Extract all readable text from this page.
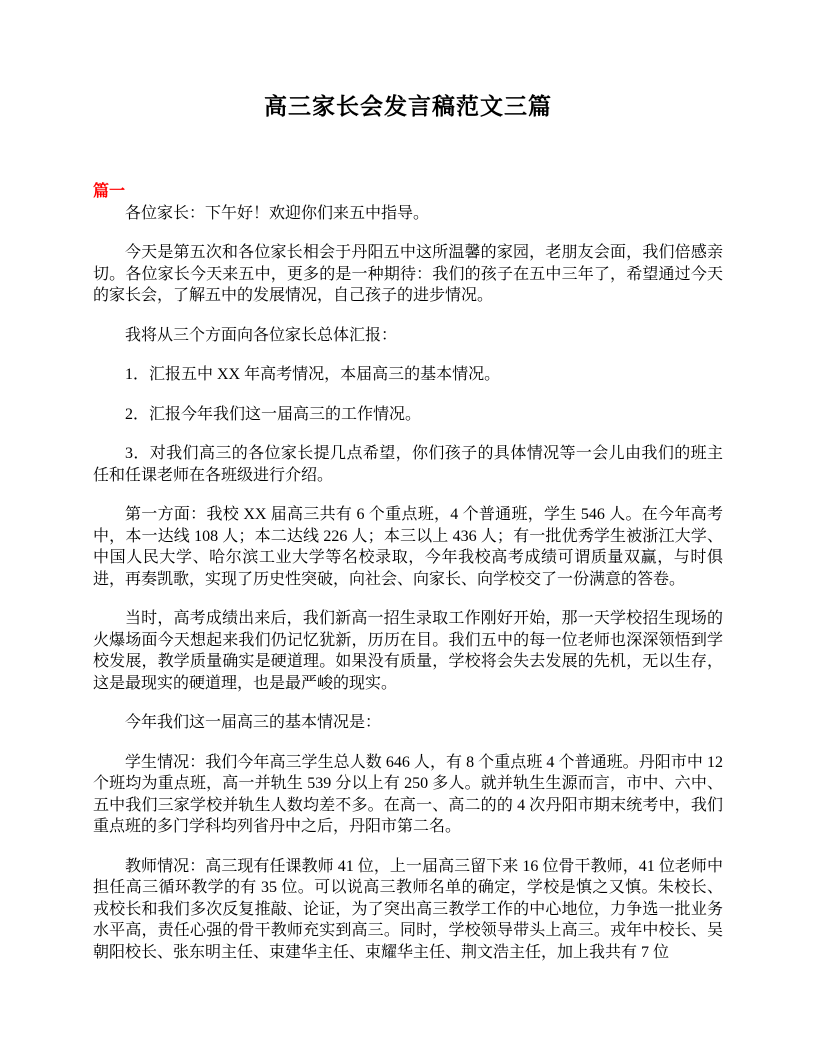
高三家长会发言稿范文三篇
篇一

各位家长：下午好！欢迎你们来五中指导。

今天是第五次和各位家长相会于丹阳五中这所温馨的家园，老朋友会面，我们倍感亲切。各位家长今天来五中，更多的是一种期待：我们的孩子在五中三年了，希望通过今天的家长会，了解五中的发展情况，自己孩子的进步情况。

我将从三个方面向各位家长总体汇报：

1．汇报五中 XX 年高考情况，本届高三的基本情况。

2．汇报今年我们这一届高三的工作情况。

3．对我们高三的各位家长提几点希望，你们孩子的具体情况等一会儿由我们的班主任和任课老师在各班级进行介绍。

第一方面：我校 XX 届高三共有 6 个重点班，4 个普通班，学生 546 人。在今年高考中，本一达线 108 人；本二达线 226 人；本三以上 436 人；有一批优秀学生被浙江大学、中国人民大学、哈尔滨工业大学等名校录取，今年我校高考成绩可谓质量双赢，与时俱进，再奏凯歌，实现了历史性突破，向社会、向家长、向学校交了一份满意的答卷。

当时，高考成绩出来后，我们新高一招生录取工作刚好开始，那一天学校招生现场的火爆场面今天想起来我们仍记忆犹新，历历在目。我们五中的每一位老师也深深领悟到学校发展，教学质量确实是硬道理。如果没有质量，学校将会失去发展的先机，无以生存，这是最现实的硬道理，也是最严峻的现实。

今年我们这一届高三的基本情况是：

学生情况：我们今年高三学生总人数 646 人，有 8 个重点班 4 个普通班。丹阳市中 12 个班均为重点班，高一并轨生 539 分以上有 250 多人。就并轨生生源而言，市中、六中、五中我们三家学校并轨生人数均差不多。在高一、高二的的 4 次丹阳市期末统考中，我们重点班的多门学科均列省丹中之后，丹阳市第二名。

教师情况：高三现有任课教师 41 位，上一届高三留下来 16 位骨干教师，41 位老师中担任高三循环教学的有 35 位。可以说高三教师名单的确定，学校是慎之又慎。朱校长、戎校长和我们多次反复推敲、论证，为了突出高三教学工作的中心地位，力争选一批业务水平高，责任心强的骨干教师充实到高三。同时，学校领导带头上高三。戎年中校长、吴朝阳校长、张东明主任、束建华主任、束耀华主任、荆文浩主任，加上我共有 7 位
